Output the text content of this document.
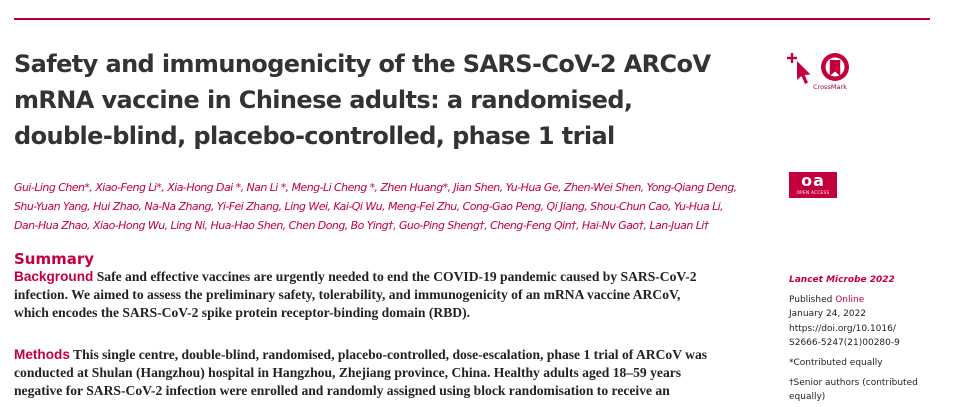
Safety and immunogenicity of the SARS-CoV-2 ARCoV
mRNA vaccine in Chinese adults: a randomised,
double-blind, placebo-controlled, phase 1 trial
Gui-Ling Chen*, Xiao-Feng Li*, Xia-Hong Dai *, Nan Li *, Meng-Li Cheng *, Zhen Huang*, Jian Shen, Yu-Hua Ge, Zhen-Wei Shen, Yong-Qiang Deng,
Shu-Yuan Yang, Hui Zhao, Na-Na Zhang, Yi-Fei Zhang, Ling Wei, Kai-Qi Wu, Meng-Fei Zhu, Cong-Gao Peng, Qi Jiang, Shou-Chun Cao, Yu-Hua Li,
Dan-Hua Zhao, Xiao-Hong Wu, Ling Ni, Hua-Hao Shen, Chen Dong, Bo Ying†, Guo-Ping Sheng†, Cheng-Feng Qin†, Hai-Nv Gao†, Lan-Juan Li†
Summary
Background Safe and effective vaccines are urgently needed to end the COVID-19 pandemic caused by SARS-CoV-2
infection. We aimed to assess the preliminary safety, tolerability, and immunogenicity of an mRNA vaccine ARCoV,
which encodes the SARS-CoV-2 spike protein receptor-binding domain (RBD).
Methods This single centre, double-blind, randomised, placebo-controlled, dose-escalation, phase 1 trial of ARCoV was
conducted at Shulan (Hangzhou) hospital in Hangzhou, Zhejiang province, China. Healthy adults aged 18–59 years
negative for SARS-CoV-2 infection were enrolled and randomly assigned using block randomisation to receive an
CrossMark
oa
OPEN ACCESS
Lancet Microbe 2022
Published Online
January 24, 2022
https://doi.org/10.1016/
S2666-5247(21)00280-9
*Contributed equally
†Senior authors (contributed
equally)
